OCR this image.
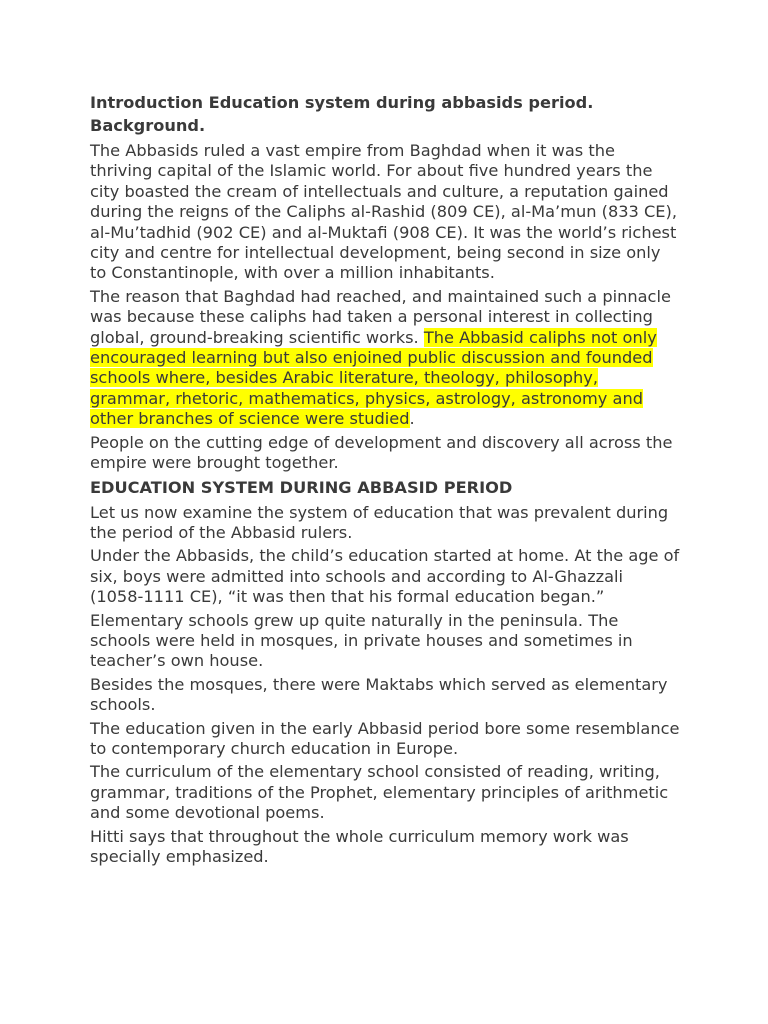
Introduction Education system during abbasids period.
Background.

The Abbasids ruled a vast empire from Baghdad when it was the thriving capital of the Islamic world. For about five hundred years the city boasted the cream of intellectuals and culture, a reputation gained during the reigns of the Caliphs al-Rashid (809 CE), al-Ma’mun (833 CE), al-Mu’tadhid (902 CE) and al-Muktafi (908 CE). It was the world’s richest city and centre for intellectual development, being second in size only to Constantinople, with over a million inhabitants.

The reason that Baghdad had reached, and maintained such a pinnacle was because these caliphs had taken a personal interest in collecting global, ground-breaking scientific works. The Abbasid caliphs not only encouraged learning but also enjoined public discussion and founded schools where, besides Arabic literature, theology, philosophy, grammar, rhetoric, mathematics, physics, astrology, astronomy and other branches of science were studied.

People on the cutting edge of development and discovery all across the empire were brought together.

EDUCATION SYSTEM DURING ABBASID PERIOD

Let us now examine the system of education that was prevalent during the period of the Abbasid rulers.

Under the Abbasids, the child’s education started at home. At the age of six, boys were admitted into schools and according to Al-Ghazzali (1058-1111 CE), “it was then that his formal education began.”

Elementary schools grew up quite naturally in the peninsula. The schools were held in mosques, in private houses and sometimes in teacher’s own house.

Besides the mosques, there were Maktabs which served as elementary schools.

The education given in the early Abbasid period bore some resemblance to contemporary church education in Europe.

The curriculum of the elementary school consisted of reading, writing, grammar, traditions of the Prophet, elementary principles of arithmetic and some devotional poems.

Hitti says that throughout the whole curriculum memory work was specially emphasized.
